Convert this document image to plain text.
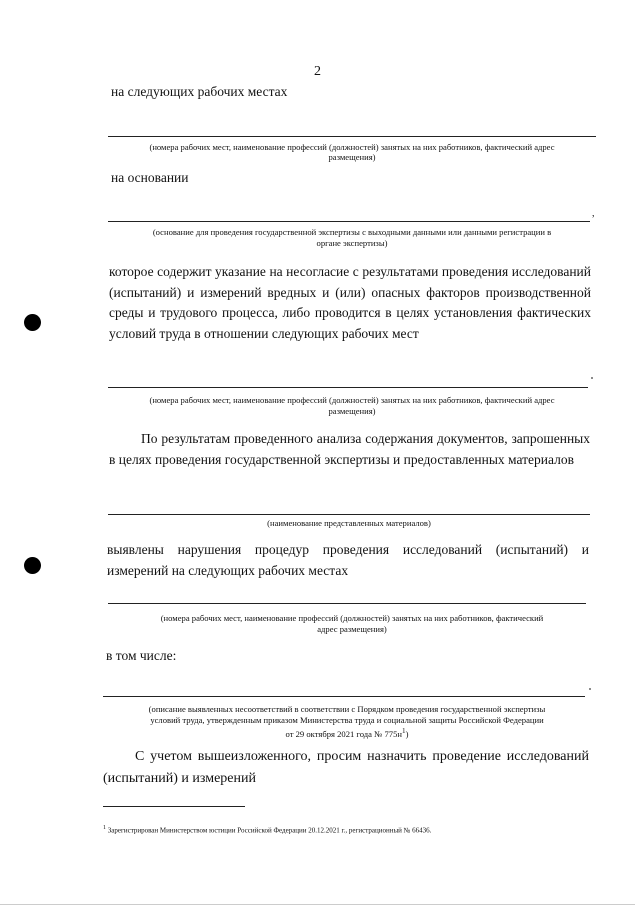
2
на следующих рабочих местах
(номера рабочих мест, наименование профессий (должностей) занятых на них работников, фактический адрес
размещения)
на основании
,
(основание для проведения государственной экспертизы с выходными данными или данными регистрации в
органе экспертизы)
которое содержит указание на несогласие с результатами проведения исследований (испытаний) и измерений вредных и (или) опасных факторов производственной среды и трудового процесса, либо проводится в целях установления фактических условий труда в отношении следующих рабочих мест
(номера рабочих мест, наименование профессий (должностей) занятых на них работников, фактический адрес
размещения)
По результатам проведенного анализа содержания документов, запрошенных в целях проведения государственной экспертизы и предоставленных материалов
(наименование представленных материалов)
выявлены нарушения процедур проведения исследований (испытаний) и измерений на следующих рабочих местах
(номера рабочих мест, наименование профессий (должностей) занятых на них работников, фактический
адрес размещения)
в том числе:
(описание выявленных несоответствий в соответствии с Порядком проведения государственной экспертизы
условий труда, утвержденным приказом Министерства труда и социальной защиты Российской Федерации
от 29 октября 2021 года № $775н^1$)
С учетом вышеизложенного, просим назначить проведение исследований (испытаний) и измерений
$^1$ Зарегистрирован Министерством юстиции Российской Федерации 20.12.2021 г., регистрационный № 66436.
